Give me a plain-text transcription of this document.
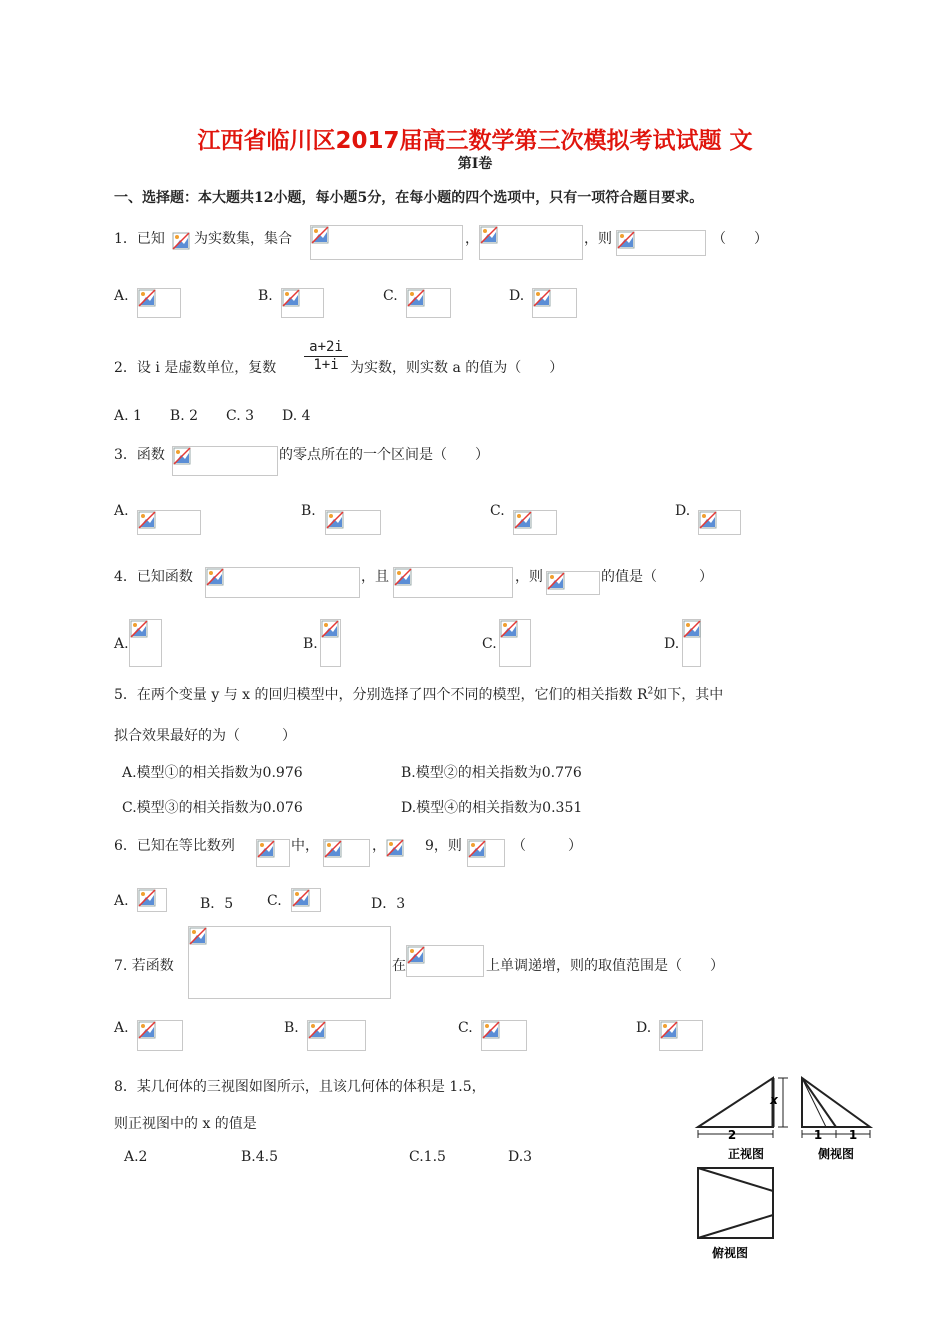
江西省临川区2017届高三数学第三次模拟考试试题 文
第Ⅰ卷
一、选择题：本大题共12小题，每小题5分，在每小题的四个选项中，只有一项符合题目要求。
1．已知 为实数集，集合	，	，则	（　　）
A.	B.	C.	D.
2．设 i 是虚数单位，复数 $\frac{a+2i}{1+i}$ 为实数，则实数 a 的值为（　　）
A. 1　　B. 2　　C. 3　　D. 4
3．函数	的零点所在的一个区间是（　　）
A.	B.	C.	D.
4．已知函数	，且	，则	的值是（　　　）
A.	B.	C.	D.
5．在两个变量 y 与 x 的回归模型中，分别选择了四个不同的模型，它们的相关指数 $R^2$如下，其中
拟合效果最好的为（　　　）
A.模型①的相关指数为0.976	B.模型②的相关指数为0.776
C.模型③的相关指数为0.076	D.模型④的相关指数为0.351
6．已知在等比数列	中，	，	9，则	（　　　）
A.	B．5 C.	D．3
7. 若函数	在	上单调递增，则的取值范围是（　　）
A.	B.	C.	D.
8．某几何体的三视图如图所示，且该几何体的体积是 1.5，
则正视图中的 x 的值是
A.2	B.4.5	C.1.5	D.3
2
x
正视图
1 1
侧视图
俯视图
